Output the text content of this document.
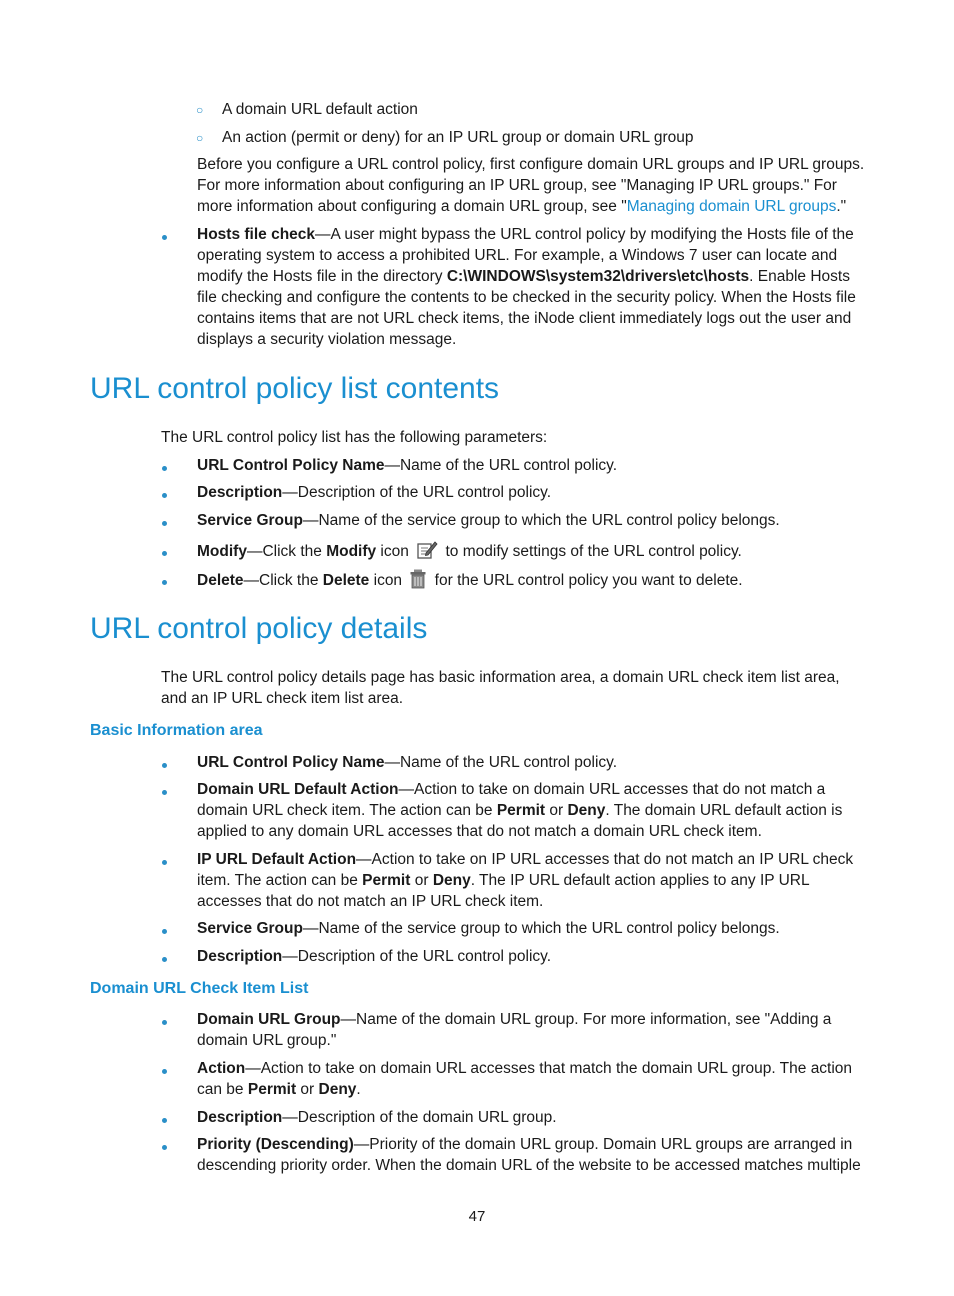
○ A domain URL default action
○ An action (permit or deny) for an IP URL group or domain URL group
Before you configure a URL control policy, first configure domain URL groups and IP URL groups. For more information about configuring an IP URL group, see "Managing IP URL groups." For more information about configuring a domain URL group, see "Managing domain URL groups."
Hosts file check—A user might bypass the URL control policy by modifying the Hosts file of the operating system to access a prohibited URL. For example, a Windows 7 user can locate and modify the Hosts file in the directory C:\WINDOWS\system32\drivers\etc\hosts. Enable Hosts file checking and configure the contents to be checked in the security policy. When the Hosts file contains items that are not URL check items, the iNode client immediately logs out the user and displays a security violation message.
URL control policy list contents
The URL control policy list has the following parameters:
URL Control Policy Name—Name of the URL control policy.
Description—Description of the URL control policy.
Service Group—Name of the service group to which the URL control policy belongs.
Modify—Click the Modify icon  to modify settings of the URL control policy.
Delete—Click the Delete icon  for the URL control policy you want to delete.
URL control policy details
The URL control policy details page has basic information area, a domain URL check item list area, and an IP URL check item list area.
Basic Information area
URL Control Policy Name—Name of the URL control policy.
Domain URL Default Action—Action to take on domain URL accesses that do not match a domain URL check item. The action can be Permit or Deny. The domain URL default action is applied to any domain URL accesses that do not match a domain URL check item.
IP URL Default Action—Action to take on IP URL accesses that do not match an IP URL check item. The action can be Permit or Deny. The IP URL default action applies to any IP URL accesses that do not match an IP URL check item.
Service Group—Name of the service group to which the URL control policy belongs.
Description—Description of the URL control policy.
Domain URL Check Item List
Domain URL Group—Name of the domain URL group. For more information, see "Adding a domain URL group."
Action—Action to take on domain URL accesses that match the domain URL group. The action can be Permit or Deny.
Description—Description of the domain URL group.
Priority (Descending)—Priority of the domain URL group. Domain URL groups are arranged in descending priority order. When the domain URL of the website to be accessed matches multiple
47
